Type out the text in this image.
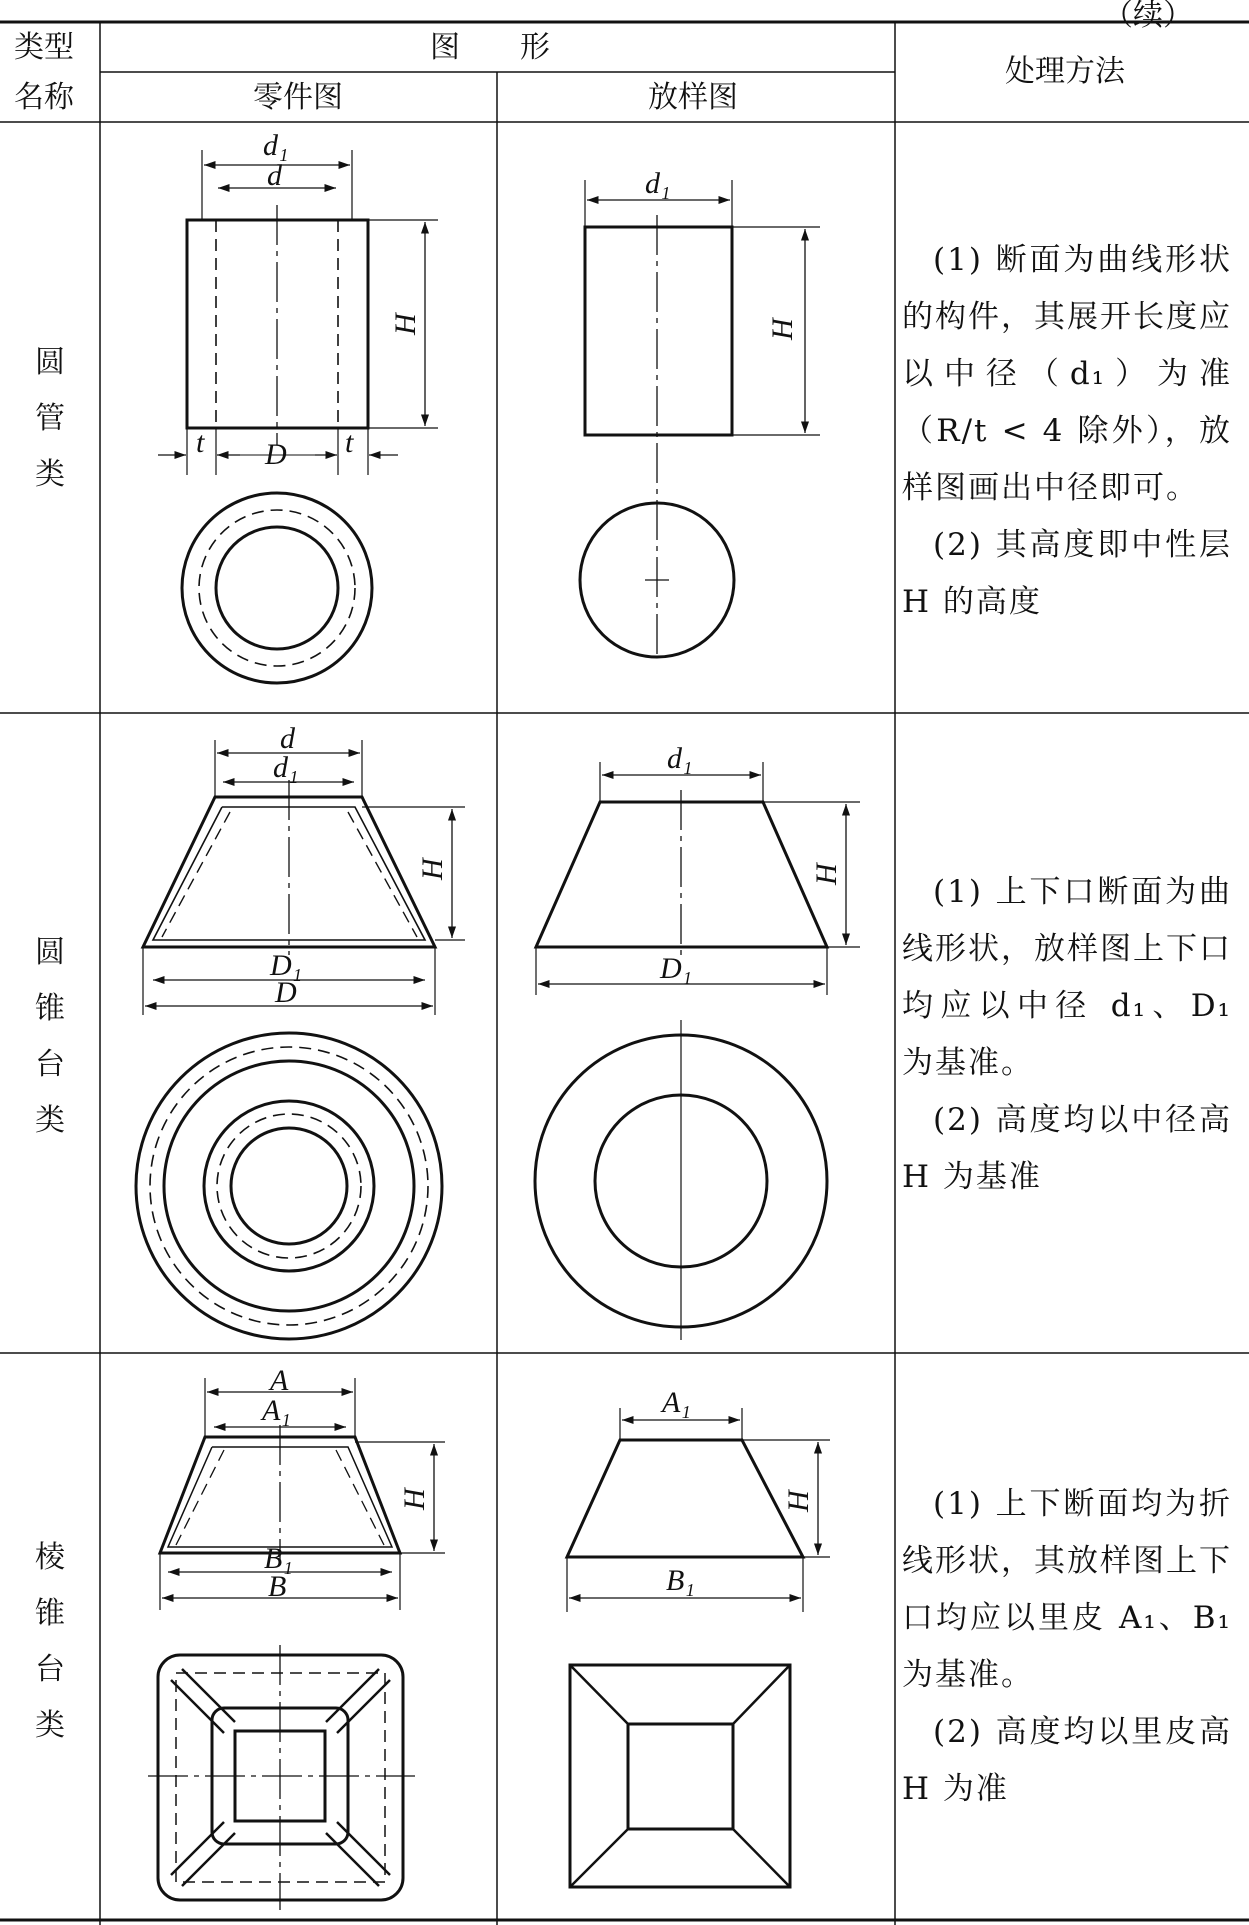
（续）
d₁
d
H
t D t
d₁
H
d
d₁
H
D₁
D
d₁
H
D₁
A
A₁
H
B₁
B
A₁
H
B₁
类型
名称
图　　形
零件图	放样图
处理方法
圆
管
类

(1) 断面为曲线形状的构件，其展开长度应以中径（d₁）为准（R/t < 4 除外），放样图画出中径即可。

(2) 其高度即中性层 H 的高度

圆
锥
台
类

(1) 上下口断面为曲线形状，放样图上下口均应以中径 d₁、D₁ 为基准。

(2) 高度均以中径高 H 为基准

棱
锥
台
类

(1) 上下断面均为折线形状，其放样图上下口均应以里皮 A₁、B₁ 为基准。

(2) 高度均以里皮高 H 为准
